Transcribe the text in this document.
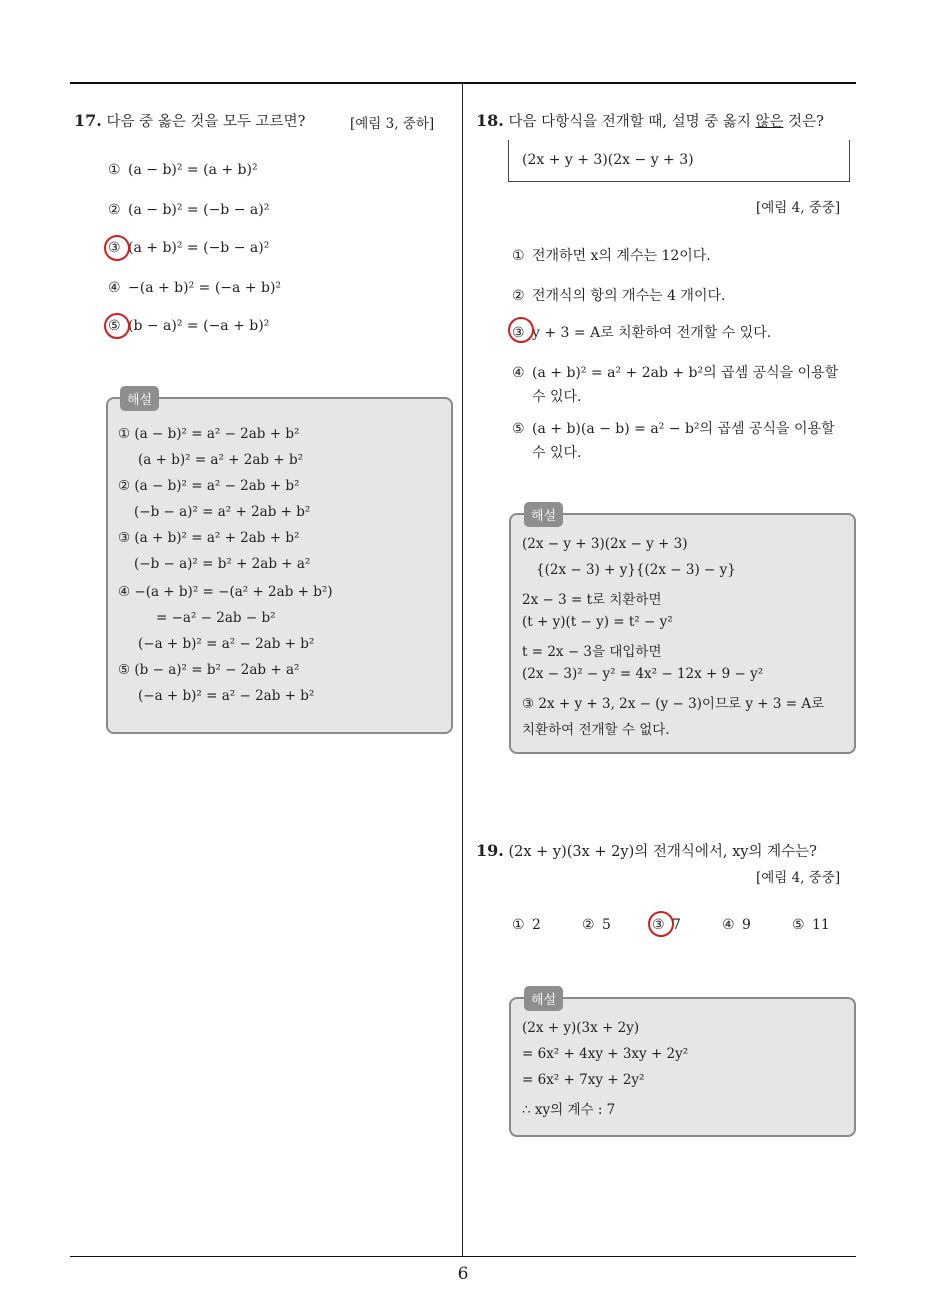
17. 다음 중 옳은 것을 모두 고르면?	[예림 3, 중하]
① (a − b)² = (a + b)²
② (a − b)² = (−b − a)²
③ (a + b)² = (−b − a)²
④ −(a + b)² = (−a + b)²
⑤ (b − a)² = (−a + b)²
해설
① (a − b)² = a² − 2ab + b²
(a + b)² = a² + 2ab + b²
② (a − b)² = a² − 2ab + b²
(−b − a)² = a² + 2ab + b²
③ (a + b)² = a² + 2ab + b²
(−b − a)² = b² + 2ab + a²
④ −(a + b)² = −(a² + 2ab + b²)
= −a² − 2ab − b²
(−a + b)² = a² − 2ab + b²
⑤ (b − a)² = b² − 2ab + a²
(−a + b)² = a² − 2ab + b²
18. 다음 다항식을 전개할 때, 설명 중 옳지 않은 것은?
(2x + y + 3)(2x − y + 3)
[예림 4, 중중]
① 전개하면 x의 계수는 12이다.
② 전개식의 항의 개수는 4 개이다.
③ y + 3 = A로 치환하여 전개할 수 있다.
④ (a + b)² = a² + 2ab + b²의 곱셈 공식을 이용할
수 있다.
⑤ (a + b)(a − b) = a² − b²의 곱셈 공식을 이용할
수 있다.
해설
(2x − y + 3)(2x − y + 3)
{(2x − 3) + y}{(2x − 3) − y}
2x − 3 = t로 치환하면
(t + y)(t − y) = t² − y²
t = 2x − 3을 대입하면
(2x − 3)² − y² = 4x² − 12x + 9 − y²
③ 2x + y + 3, 2x − (y − 3)이므로 y + 3 = A로
치환하여 전개할 수 없다.
19. (2x + y)(3x + 2y)의 전개식에서, xy의 계수는?
[예림 4, 중중]
① 2	② 5	③ 7	④ 9	⑤ 11
해설
(2x + y)(3x + 2y)
= 6x² + 4xy + 3xy + 2y²
= 6x² + 7xy + 2y²
∴ xy의 계수 : 7
6
